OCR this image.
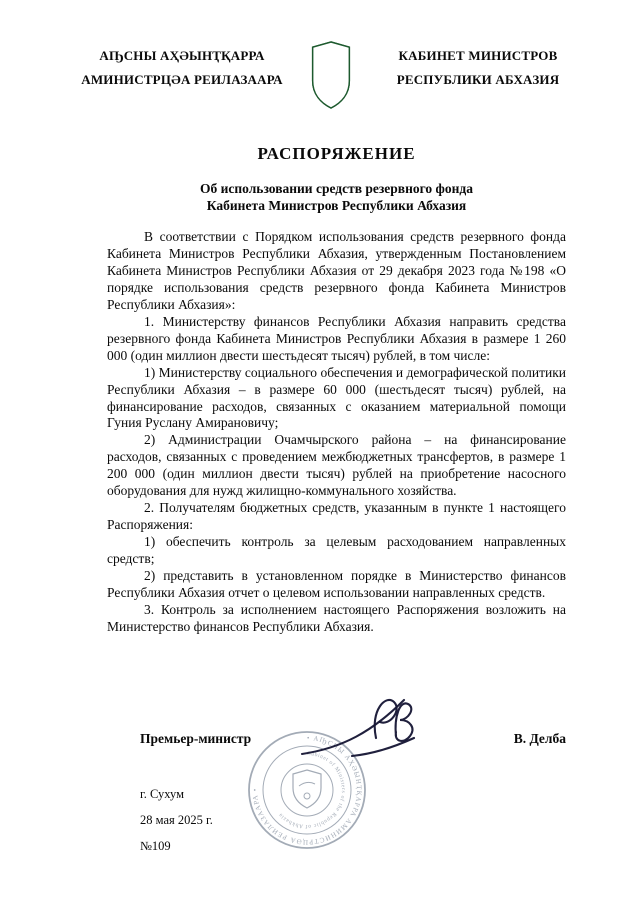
АҦСНЫ АҲӘЫНҬҚАРРА
АМИНИСТРЦӘА РЕИЛАЗААРА
КАБИНЕТ МИНИСТРОВ
РЕСПУБЛИКИ АБХАЗИЯ
РАСПОРЯЖЕНИЕ
Об использовании средств резервного фонда
Кабинета Министров Республики Абхазия

В соответствии с Порядком использования средств резервного фонда Кабинета Министров Республики Абхазия, утвержденным Постановлением Кабинета Министров Республики Абхазия от 29 декабря 2023 года №198 «О порядке использования средств резервного фонда Кабинета Министров Республики Абхазия»:

1. Министерству финансов Республики Абхазия направить средства резервного фонда Кабинета Министров Республики Абхазия в размере 1 260 000 (один миллион двести шестьдесят тысяч) рублей, в том числе:

1) Министерству социального обеспечения и демографической политики Республики Абхазия – в размере 60 000 (шестьдесят тысяч) рублей, на финансирование расходов, связанных с оказанием материальной помощи Гуния Руслану Амирановичу;

2) Администрации Очамчырского района – на финансирование расходов, связанных с проведением межбюджетных трансфертов, в размере 1 200 000 (один миллион двести тысяч) рублей на приобретение насосного оборудования для нужд жилищно-коммунального хозяйства.

2. Получателям бюджетных средств, указанным в пункте 1 настоящего Распоряжения:

1) обеспечить контроль за целевым расходованием направленных средств;

2) представить в установленном порядке в Министерство финансов Республики Абхазия отчет о целевом использовании направленных средств.

3. Контроль за исполнением настоящего Распоряжения возложить на Министерство финансов Республики Абхазия.

Премьер-министр	В. Делба
г. Сухум
28 мая 2025 г.
№109
• АҦСНЫ АҲӘЫНҬҚАРРА АМИНИСТРЦӘА РЕИЛАЗААРА •
Cabinet of Ministers of the Republic of Abkhazia
